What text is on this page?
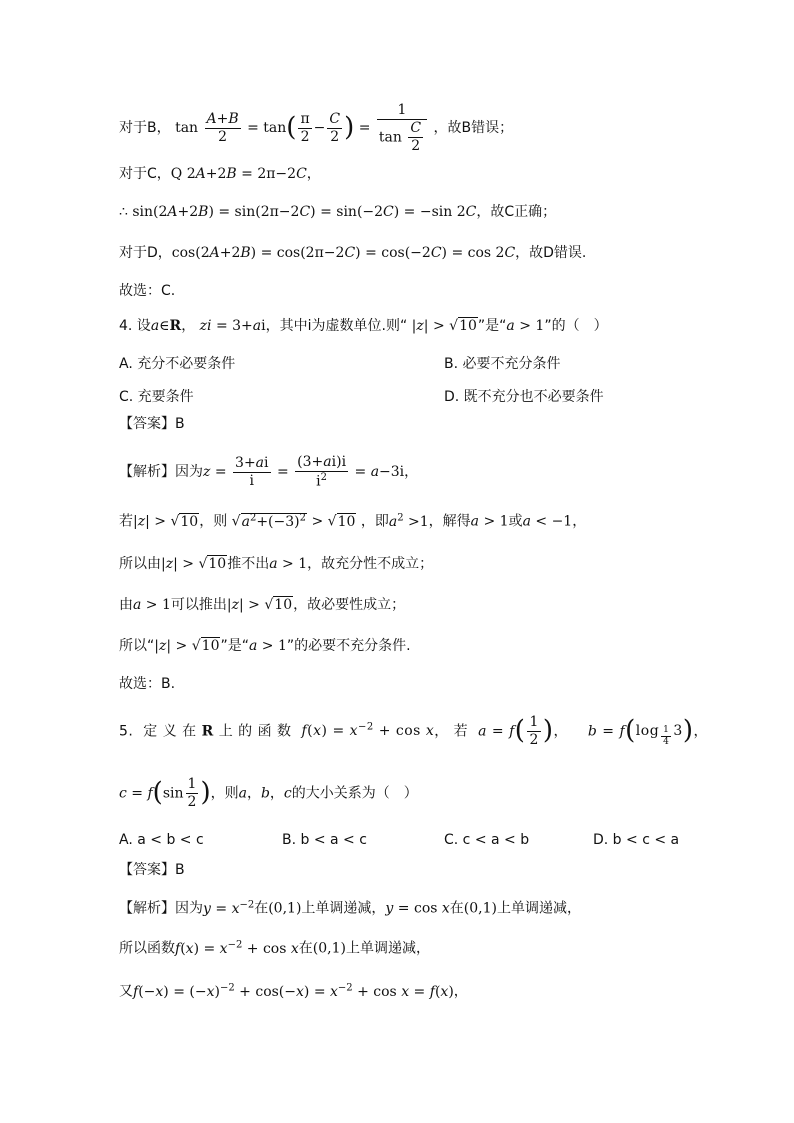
对于B， $\tan \frac{A+B}{2} = \tan( \frac{\pi}{2} - \frac{C}{2}$ ) = $\frac{1}{\tan \frac{C}{2}}$ ，故B错误；
对于C，Q 2A+2B = 2π−2C，
∴ sin(2A+2B) = sin(2π−2C) = sin(−2C) = −sin 2C，故C正确；
对于D，cos(2A+2B) = cos(2π−2C) = cos(−2C) = cos 2C，故D错误.
故选：C.
4. 设a∈R， zi = 3+ai，其中i为虚数单位.则“ |z| > √10”是“a > 1”的（　）
A. 充分不必要条件	B. 必要不充分条件
C. 充要条件	D. 既不充分也不必要条件
【答案】B
【解析】因为$z = \frac{3+ai}{i} = \frac{(3+ai)i}{i^2} = a-3i$，
若|z| > √10，则 $√a^2+(-3)^2 > √10$ ，即$a^2 >1$，解得a > 1或a < −1，
所以由|z| > √10推不出a > 1，故充分性不成立；
由a > 1可以推出|z| > √10，故必要性成立；
所以“|z| > √10”是“a > 1”的必要不充分条件.
故选：B.
5.  定 义 在 R 上 的 函 数  $f(x) = x^{-2} + \cos x$， 若  $a = f( \frac{1}{2}$ )，    b = f(log $_{\frac{1}{4}}$ 3)，
$c = f(\sin \frac{1}{2}$ )，则a，b，c的大小关系为（　）
A. a < b < c	B. b < a < c	C. c < a < b	D. b < c < a
【答案】B
【解析】因为$y = x^{-2}$在(0,1)上单调递减，y = cos x在(0,1)上单调递减，
所以函数$f(x) = x^{-2} + \cos x$在(0,1)上单调递减，
又$f(-x) = (-x)^{-2} + \cos(-x) = x^{-2} + \cos x = f(x)$，
